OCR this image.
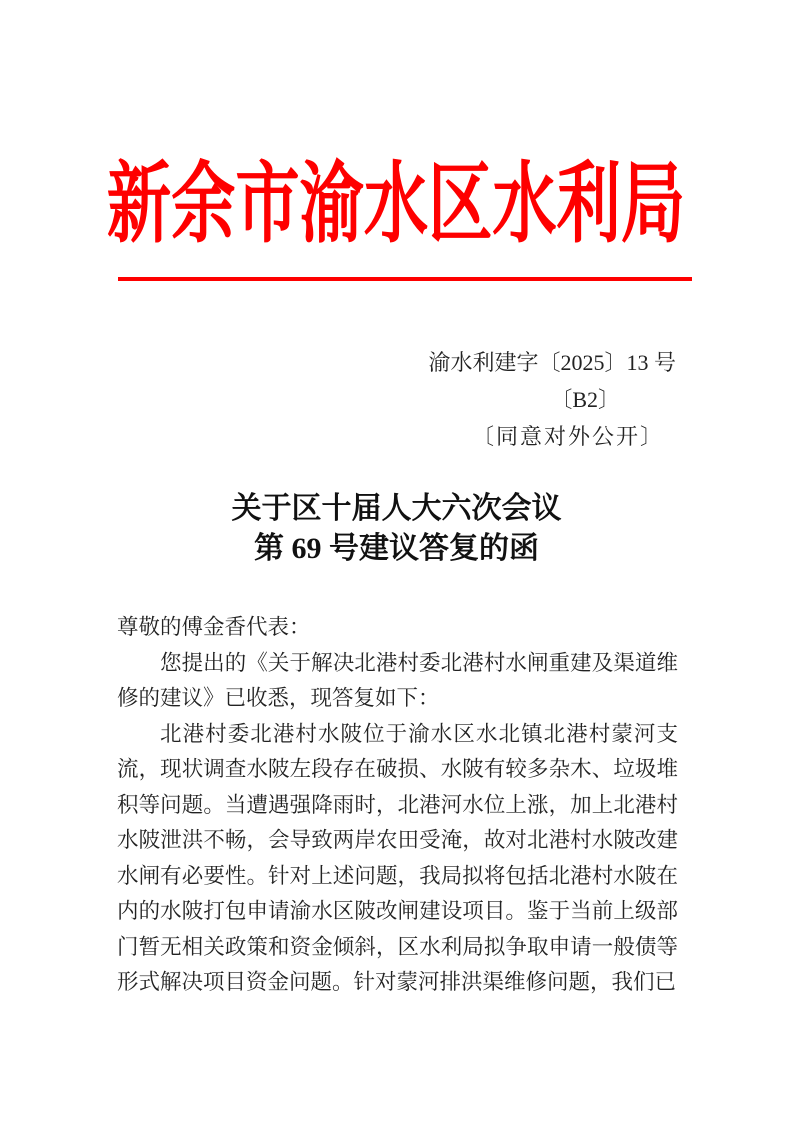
新余市渝水区水利局
渝水利建字〔2025〕13 号
〔B2〕
〔同意对外公开〕
关于区十届人大六次会议
第 69 号建议答复的函

尊敬的傅金香代表：

您提出的《关于解决北港村委北港村水闸重建及渠道维修的建议》已收悉，现答复如下：

北港村委北港村水陂位于渝水区水北镇北港村蒙河支流，现状调查水陂左段存在破损、水陂有较多杂木、垃圾堆积等问题。当遭遇强降雨时，北港河水位上涨，加上北港村水陂泄洪不畅，会导致两岸农田受淹，故对北港村水陂改建水闸有必要性。针对上述问题，我局拟将包括北港村水陂在内的水陂打包申请渝水区陂改闸建设项目。鉴于当前上级部门暂无相关政策和资金倾斜，区水利局拟争取申请一般债等形式解决项目资金问题。针对蒙河排洪渠维修问题，我们已
